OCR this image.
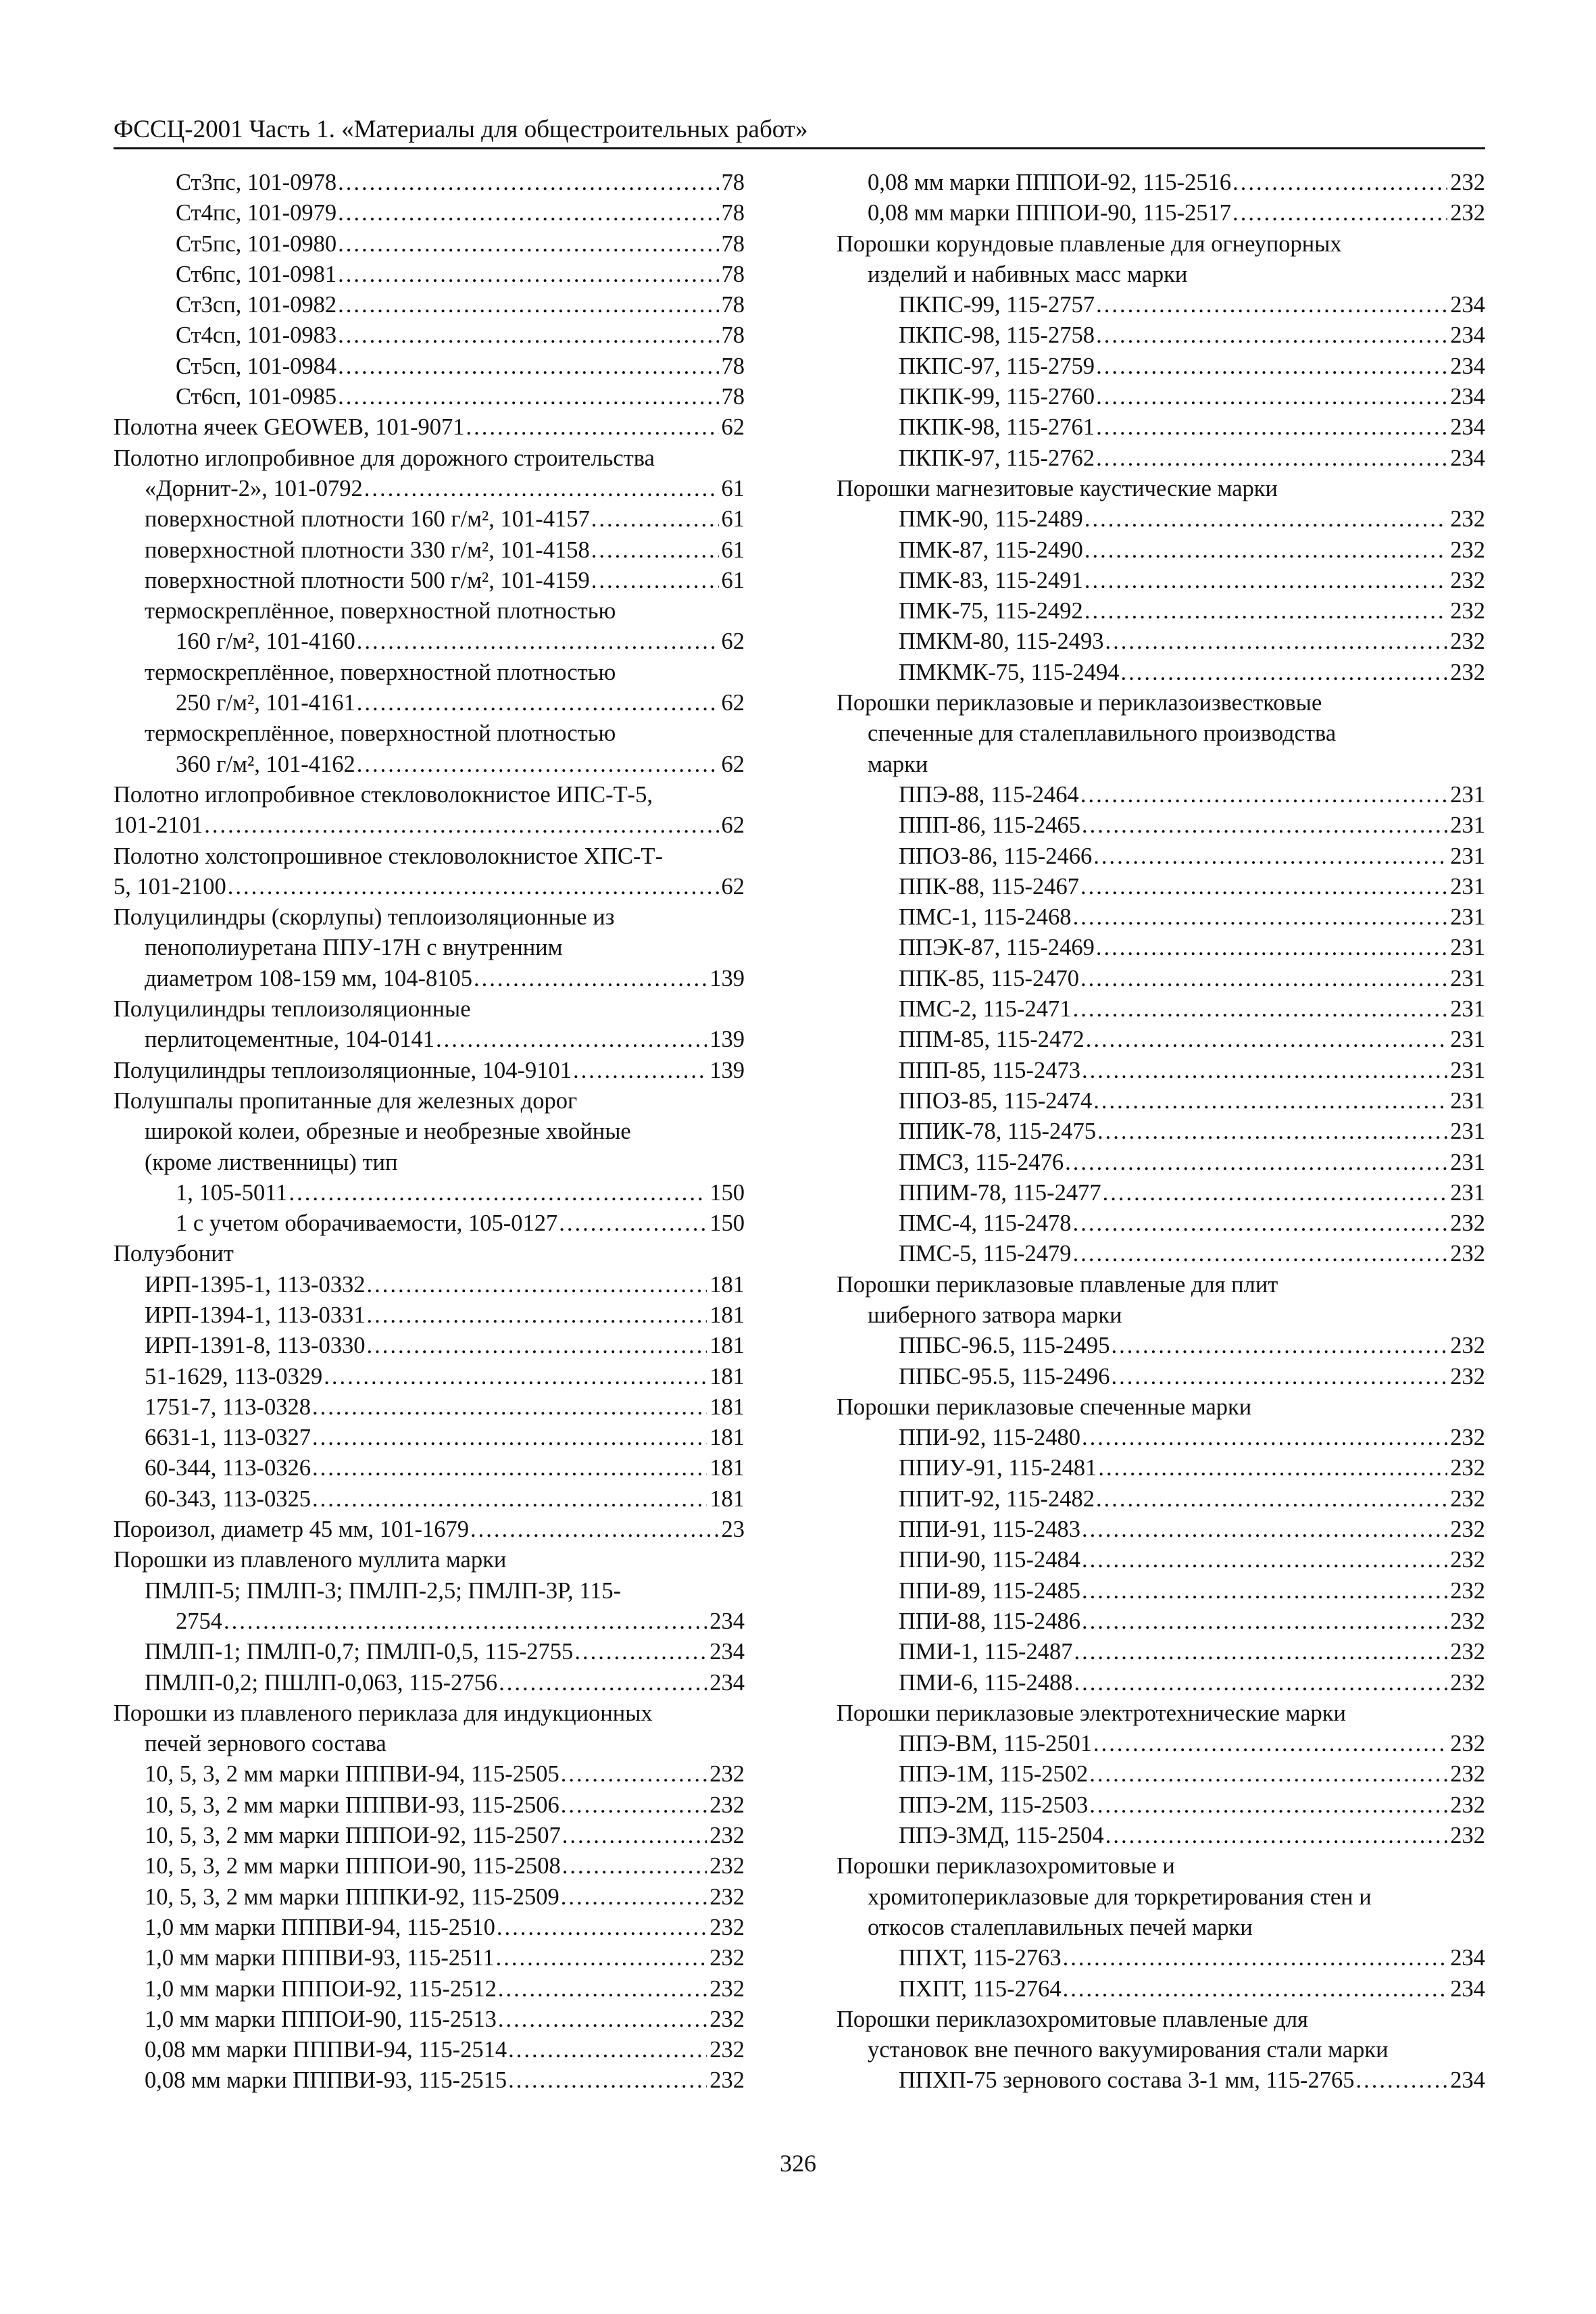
ФССЦ-2001 Часть 1. «Материалы для общестроительных работ»
Ст3пс, 101-0978 .....	78
Ст4пс, 101-0979 .....	78
Ст5пс, 101-0980 .....	78
Ст6пс, 101-0981 .....	78
Ст3сп, 101-0982 .....	78
Ст4сп, 101-0983 .....	78
Ст5сп, 101-0984 .....	78
Ст6сп, 101-0985 .....	78
Полотна ячеек GEOWEB, 101-9071 .....	62
Полотно иглопробивное для дорожного строительства
«Дорнит-2», 101-0792 .....	61
поверхностной плотности 160 г/м², 101-4157 .....	61
поверхностной плотности 330 г/м², 101-4158 .....	61
поверхностной плотности 500 г/м², 101-4159 .....	61
термоскреплённое, поверхностной плотностью
160 г/м², 101-4160 .....	62
термоскреплённое, поверхностной плотностью
250 г/м², 101-4161 .....	62
термоскреплённое, поверхностной плотностью
360 г/м², 101-4162 .....	62
Полотно иглопробивное стекловолокнистое ИПС-Т-5,
101-2101 .....	62
Полотно холстопрошивное стекловолокнистое ХПС-Т-
5, 101-2100 .....	62
Полуцилиндры (скорлупы) теплоизоляционные из
пенополиуретана ППУ-17Н с внутренним
диаметром 108-159 мм, 104-8105 .....	139
Полуцилиндры теплоизоляционные
перлитоцементные, 104-0141 .....	139
Полуцилиндры теплоизоляционные, 104-9101 .....	139
Полушпалы пропитанные для железных дорог
широкой колеи, обрезные и необрезные хвойные
(кроме лиственницы) тип
1, 105-5011 .....	150
1 с учетом оборачиваемости, 105-0127 .....	150
Полуэбонит
ИРП-1395-1, 113-0332 .....	181
ИРП-1394-1, 113-0331 .....	181
ИРП-1391-8, 113-0330 .....	181
51-1629, 113-0329 .....	181
1751-7, 113-0328 .....	181
6631-1, 113-0327 .....	181
60-344, 113-0326 .....	181
60-343, 113-0325 .....	181
Пороизол, диаметр 45 мм, 101-1679 .....	23
Порошки из плавленого муллита марки
ПМЛП-5; ПМЛП-3; ПМЛП-2,5; ПМЛП-3Р, 115-
2754 .....	234
ПМЛП-1; ПМЛП-0,7; ПМЛП-0,5, 115-2755 .....	234
ПМЛП-0,2; ПШЛП-0,063, 115-2756 .....	234
Порошки из плавленого периклаза для индукционных
печей зернового состава
10, 5, 3, 2 мм марки ПППВИ-94, 115-2505 .....	232
10, 5, 3, 2 мм марки ПППВИ-93, 115-2506 .....	232
10, 5, 3, 2 мм марки ПППОИ-92, 115-2507 .....	232
10, 5, 3, 2 мм марки ПППОИ-90, 115-2508 .....	232
10, 5, 3, 2 мм марки ПППКИ-92, 115-2509 .....	232
1,0 мм марки ПППВИ-94, 115-2510 .....	232
1,0 мм марки ПППВИ-93, 115-2511 .....	232
1,0 мм марки ПППОИ-92, 115-2512 .....	232
1,0 мм марки ПППОИ-90, 115-2513 .....	232
0,08 мм марки ПППВИ-94, 115-2514 .....	232
0,08 мм марки ПППВИ-93, 115-2515 .....	232
0,08 мм марки ПППОИ-92, 115-2516 .....	232
0,08 мм марки ПППОИ-90, 115-2517 .....	232
Порошки корундовые плавленые для огнеупорных
изделий и набивных масс марки
ПКПС-99, 115-2757 .....	234
ПКПС-98, 115-2758 .....	234
ПКПС-97, 115-2759 .....	234
ПКПК-99, 115-2760 .....	234
ПКПК-98, 115-2761 .....	234
ПКПК-97, 115-2762 .....	234
Порошки магнезитовые каустические марки
ПМК-90, 115-2489 .....	232
ПМК-87, 115-2490 .....	232
ПМК-83, 115-2491 .....	232
ПМК-75, 115-2492 .....	232
ПМКМ-80, 115-2493 .....	232
ПМКМК-75, 115-2494 .....	232
Порошки периклазовые и периклазоизвестковые
спеченные для сталеплавильного производства
марки
ППЭ-88, 115-2464 .....	231
ППП-86, 115-2465 .....	231
ППОЗ-86, 115-2466 .....	231
ППК-88, 115-2467 .....	231
ПМС-1, 115-2468 .....	231
ППЭК-87, 115-2469 .....	231
ППК-85, 115-2470 .....	231
ПМС-2, 115-2471 .....	231
ППМ-85, 115-2472 .....	231
ППП-85, 115-2473 .....	231
ППОЗ-85, 115-2474 .....	231
ППИК-78, 115-2475 .....	231
ПМСЗ, 115-2476 .....	231
ППИМ-78, 115-2477 .....	231
ПМС-4, 115-2478 .....	232
ПМС-5, 115-2479 .....	232
Порошки периклазовые плавленые для плит
шиберного затвора марки
ППБС-96.5, 115-2495 .....	232
ППБС-95.5, 115-2496 .....	232
Порошки периклазовые спеченные марки
ППИ-92, 115-2480 .....	232
ППИУ-91, 115-2481 .....	232
ППИТ-92, 115-2482 .....	232
ППИ-91, 115-2483 .....	232
ППИ-90, 115-2484 .....	232
ППИ-89, 115-2485 .....	232
ППИ-88, 115-2486 .....	232
ПМИ-1, 115-2487 .....	232
ПМИ-6, 115-2488 .....	232
Порошки периклазовые электротехнические марки
ППЭ-ВМ, 115-2501 .....	232
ППЭ-1М, 115-2502 .....	232
ППЭ-2М, 115-2503 .....	232
ППЭ-3МД, 115-2504 .....	232
Порошки периклазохромитовые и
хромитопериклазовые для торкретирования стен и
откосов сталеплавильных печей марки
ППХТ, 115-2763 .....	234
ПХПТ, 115-2764 .....	234
Порошки периклазохромитовые плавленые для
установок вне печного вакуумирования стали марки
ППХП-75 зернового состава 3-1 мм, 115-2765 .....	234
326
